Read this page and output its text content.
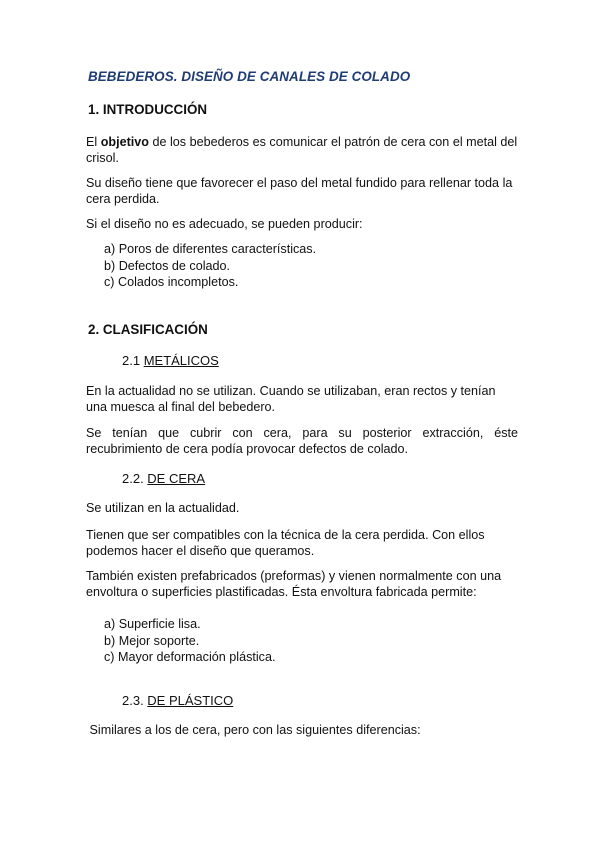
BEBEDEROS. DISEÑO DE CANALES DE COLADO

1. INTRODUCCIÓN

El objetivo de los bebederos es comunicar el patrón de cera con el metal del crisol.

Su diseño tiene que favorecer el paso del metal fundido para rellenar toda la cera perdida.

Si el diseño no es adecuado, se pueden producir:

a) Poros de diferentes características.
b) Defectos de colado.
c) Colados incompletos.

2. CLASIFICACIÓN

2.1 METÁLICOS

En la actualidad no se utilizan. Cuando se utilizaban, eran rectos y tenían una muesca al final del bebedero.

Se tenían que cubrir con cera, para su posterior extracción, éste recubrimiento de cera podía provocar defectos de colado.

2.2. DE CERA

Se utilizan en la actualidad.

Tienen que ser compatibles con la técnica de la cera perdida. Con ellos podemos hacer el diseño que queramos.

También existen prefabricados (preformas) y vienen normalmente con una envoltura o superficies plastificadas. Ésta envoltura fabricada permite:

a) Superficie lisa.
b) Mejor soporte.
c) Mayor deformación plástica.

2.3. DE PLÁSTICO

Similares a los de cera, pero con las siguientes diferencias:
